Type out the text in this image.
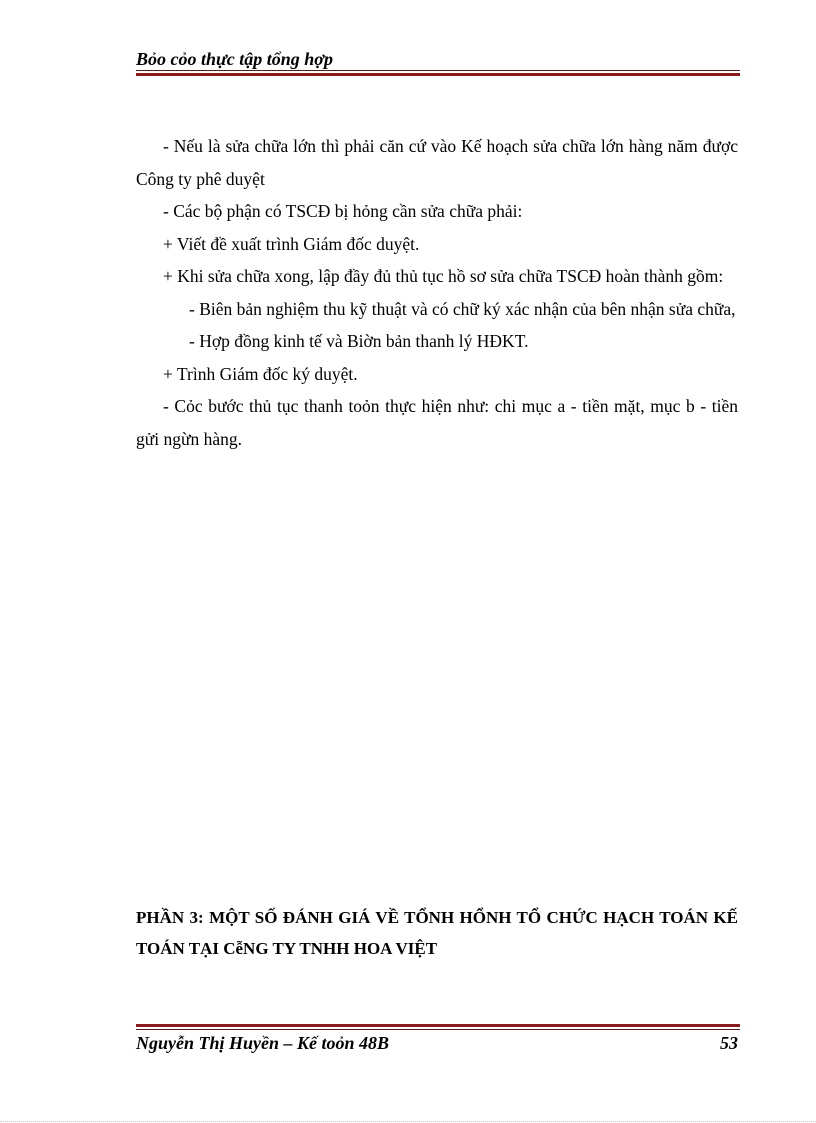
Bỏo cỏo thực tập tổng hợp

- Nếu là sửa chữa lớn thì phải căn cứ vào Kế hoạch sửa chữa lớn hàng năm được Công ty phê duyệt

- Các bộ phận có TSCĐ bị hỏng cần sửa chữa phải:

+ Viết đề xuất trình Giám đốc duyệt.

+ Khi sửa chữa xong, lập đầy đủ thủ tục hồ sơ sửa chữa TSCĐ hoàn thành gồm:

- Biên bản nghiệm thu kỹ thuật và có chữ ký xác nhận của bên nhận sửa chữa,

- Hợp đồng kinh tế và Biờn bản thanh lý HĐKT.

+ Trình Giám đốc ký duyệt.

- Cỏc bước thủ tục thanh toỏn thực hiện như: chi mục a - tiền mặt, mục b - tiền gửi ngừn hàng.

PHẦN 3: MỘT SỐ ĐÁNH GIÁ VỀ TỔNH HỔNH TỔ CHỨC HẠCH TOÁN KẾ TOÁN TẠI CễNG TY TNHH HOA VIỆT
Nguyễn Thị Huyền – Kế toỏn 48B	53
